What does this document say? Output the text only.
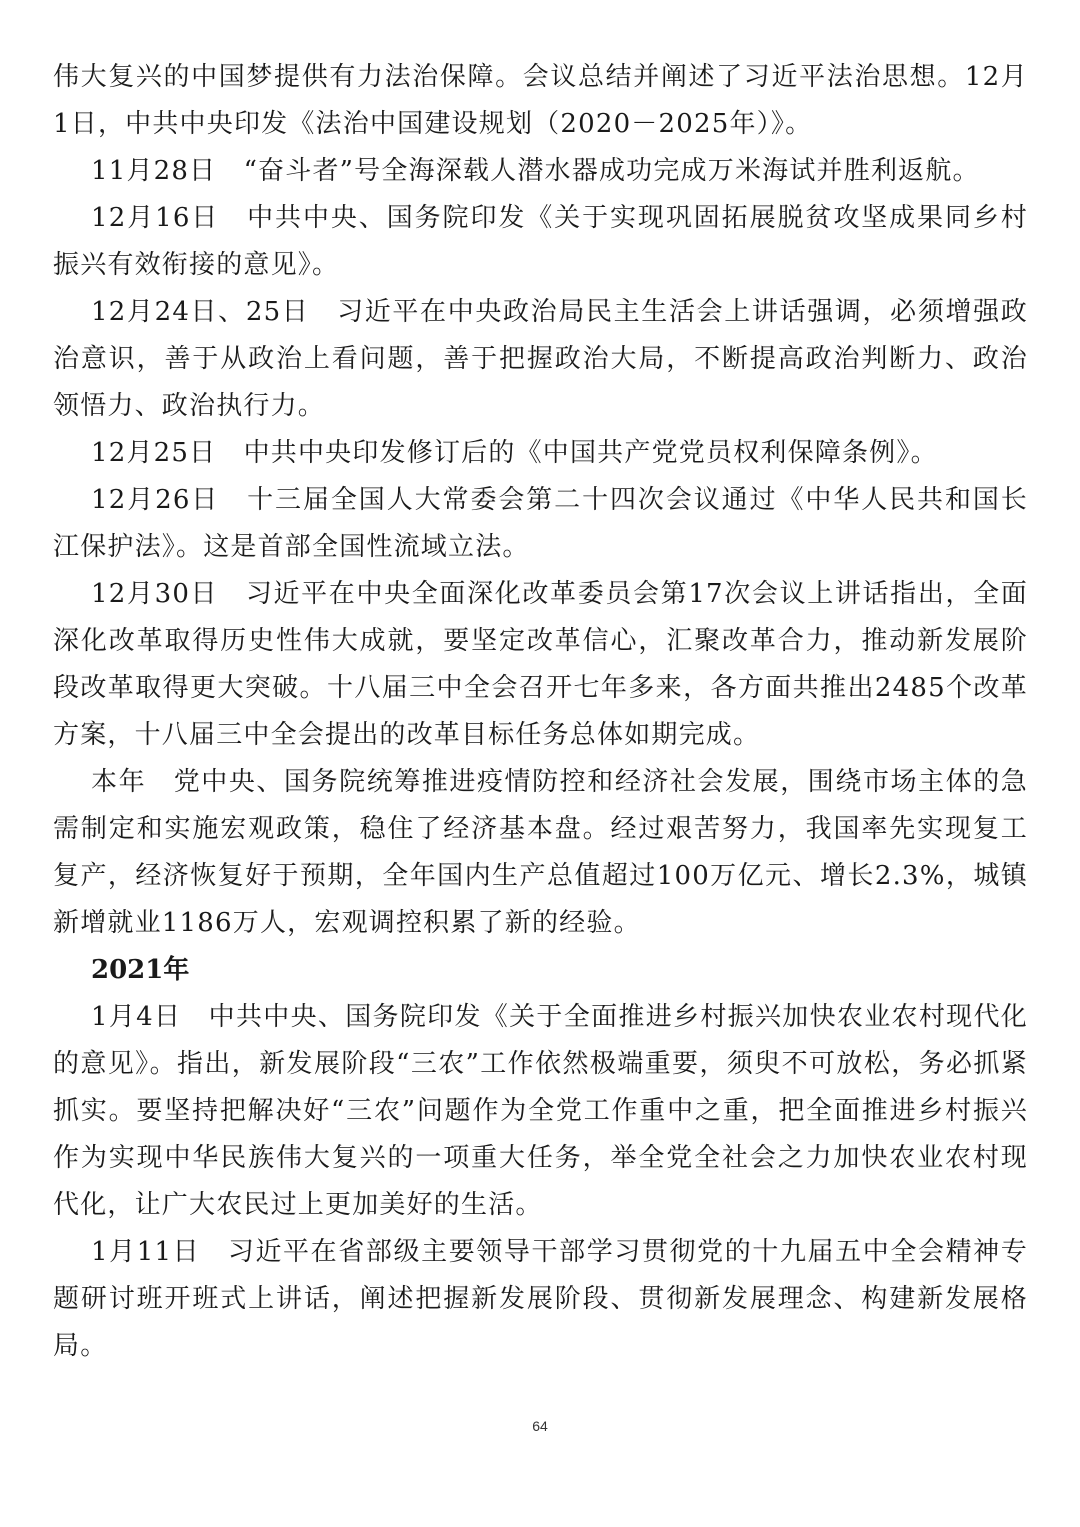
伟大复兴的中国梦提供有力法治保障。会议总结并阐述了习近平法治思想。12月1日，中共中央印发《法治中国建设规划（2020－2025年）》。

11月28日　“奋斗者”号全海深载人潜水器成功完成万米海试并胜利返航。

12月16日　中共中央、国务院印发《关于实现巩固拓展脱贫攻坚成果同乡村振兴有效衔接的意见》。

12月24日、25日　习近平在中央政治局民主生活会上讲话强调，必须增强政治意识，善于从政治上看问题，善于把握政治大局，不断提高政治判断力、政治领悟力、政治执行力。

12月25日　中共中央印发修订后的《中国共产党党员权利保障条例》。

12月26日　十三届全国人大常委会第二十四次会议通过《中华人民共和国长江保护法》。这是首部全国性流域立法。

12月30日　习近平在中央全面深化改革委员会第17次会议上讲话指出，全面深化改革取得历史性伟大成就，要坚定改革信心，汇聚改革合力，推动新发展阶段改革取得更大突破。十八届三中全会召开七年多来，各方面共推出2485个改革方案，十八届三中全会提出的改革目标任务总体如期完成。

本年　党中央、国务院统筹推进疫情防控和经济社会发展，围绕市场主体的急需制定和实施宏观政策，稳住了经济基本盘。经过艰苦努力，我国率先实现复工复产，经济恢复好于预期，全年国内生产总值超过100万亿元、增长2.3%，城镇新增就业1186万人，宏观调控积累了新的经验。

2021年

1月4日　中共中央、国务院印发《关于全面推进乡村振兴加快农业农村现代化的意见》。指出，新发展阶段“三农”工作依然极端重要，须臾不可放松，务必抓紧抓实。要坚持把解决好“三农”问题作为全党工作重中之重，把全面推进乡村振兴作为实现中华民族伟大复兴的一项重大任务，举全党全社会之力加快农业农村现代化，让广大农民过上更加美好的生活。

1月11日　习近平在省部级主要领导干部学习贯彻党的十九届五中全会精神专题研讨班开班式上讲话，阐述把握新发展阶段、贯彻新发展理念、构建新发展格局。

64
